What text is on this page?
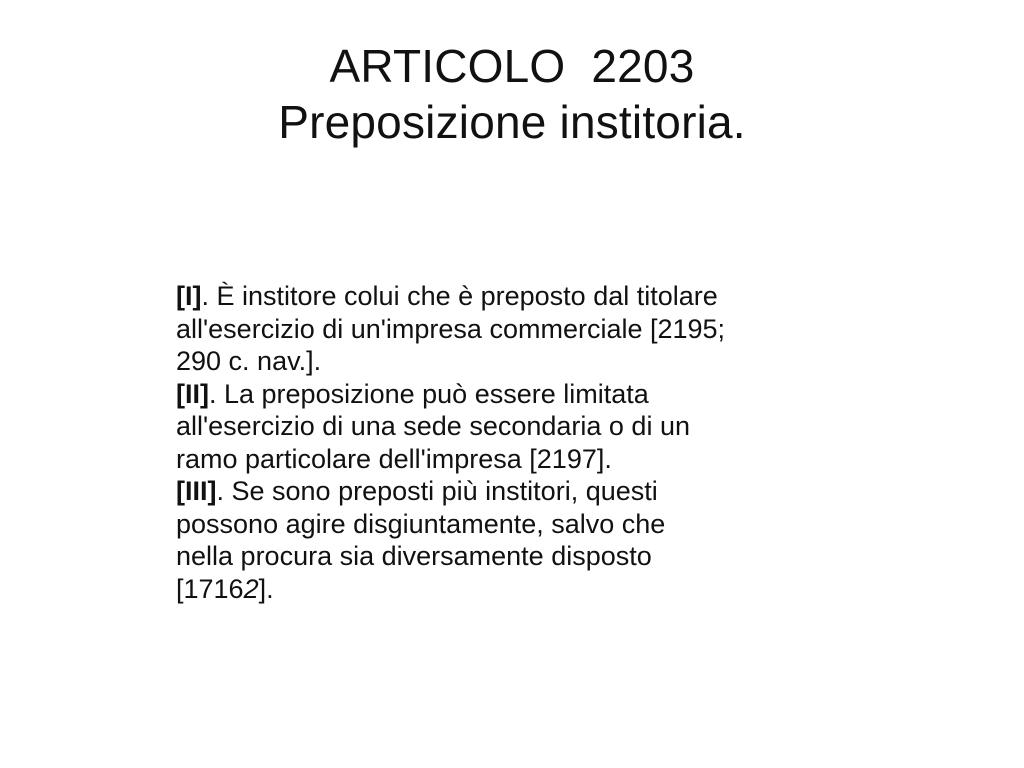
ARTICOLO  2203
Preposizione institoria.

[I]. È institore colui che è preposto dal titolare
all'esercizio di un'impresa commerciale [2195;
290 c. nav.].

[II]. La preposizione può essere limitata
all'esercizio di una sede secondaria o di un
ramo particolare dell'impresa [2197].

[III]. Se sono preposti più institori, questi
possono agire disgiuntamente, salvo che
nella procura sia diversamente disposto
[17162].
